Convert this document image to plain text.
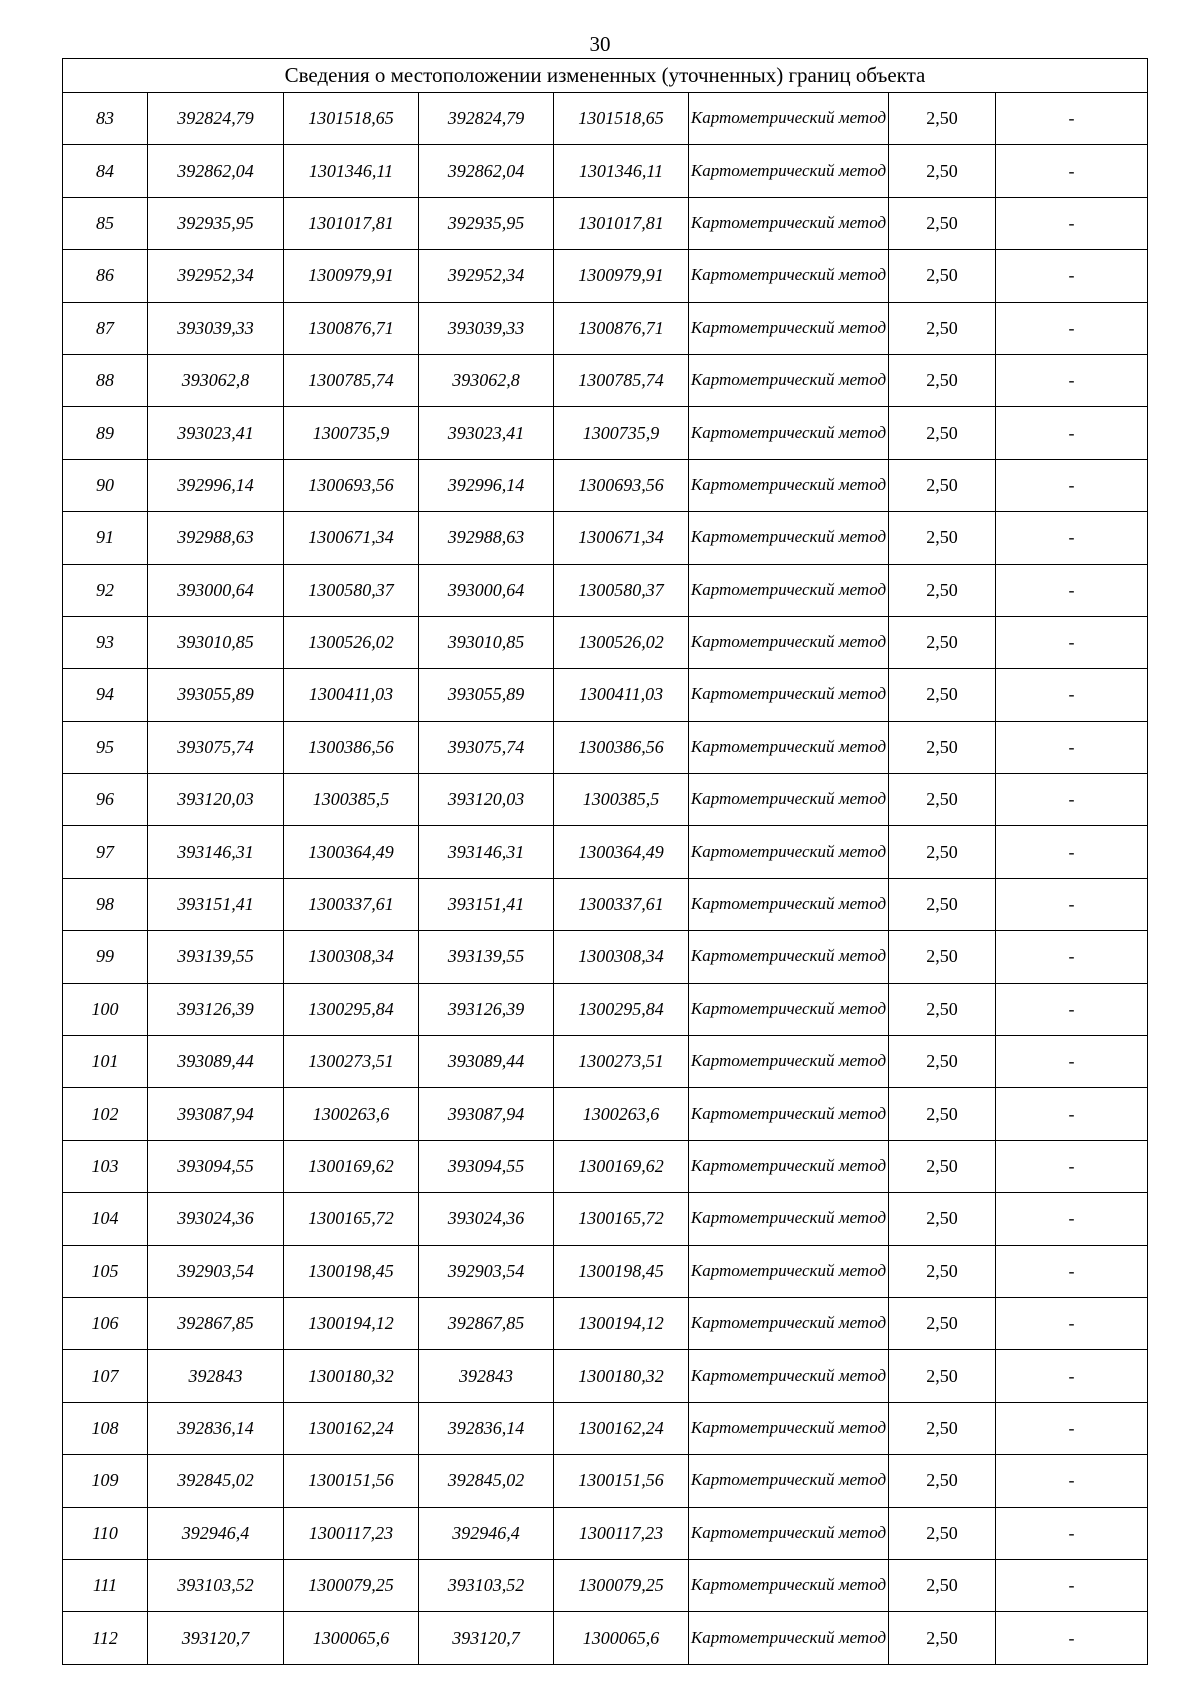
30
Сведения о местоположении измененных (уточненных) границ объекта							
83	392824,79	1301518,65	392824,79	1301518,65	Картометрический метод	2,50	-
84	392862,04	1301346,11	392862,04	1301346,11	Картометрический метод	2,50	-
85	392935,95	1301017,81	392935,95	1301017,81	Картометрический метод	2,50	-
86	392952,34	1300979,91	392952,34	1300979,91	Картометрический метод	2,50	-
87	393039,33	1300876,71	393039,33	1300876,71	Картометрический метод	2,50	-
88	393062,8	1300785,74	393062,8	1300785,74	Картометрический метод	2,50	-
89	393023,41	1300735,9	393023,41	1300735,9	Картометрический метод	2,50	-
90	392996,14	1300693,56	392996,14	1300693,56	Картометрический метод	2,50	-
91	392988,63	1300671,34	392988,63	1300671,34	Картометрический метод	2,50	-
92	393000,64	1300580,37	393000,64	1300580,37	Картометрический метод	2,50	-
93	393010,85	1300526,02	393010,85	1300526,02	Картометрический метод	2,50	-
94	393055,89	1300411,03	393055,89	1300411,03	Картометрический метод	2,50	-
95	393075,74	1300386,56	393075,74	1300386,56	Картометрический метод	2,50	-
96	393120,03	1300385,5	393120,03	1300385,5	Картометрический метод	2,50	-
97	393146,31	1300364,49	393146,31	1300364,49	Картометрический метод	2,50	-
98	393151,41	1300337,61	393151,41	1300337,61	Картометрический метод	2,50	-
99	393139,55	1300308,34	393139,55	1300308,34	Картометрический метод	2,50	-
100	393126,39	1300295,84	393126,39	1300295,84	Картометрический метод	2,50	-
101	393089,44	1300273,51	393089,44	1300273,51	Картометрический метод	2,50	-
102	393087,94	1300263,6	393087,94	1300263,6	Картометрический метод	2,50	-
103	393094,55	1300169,62	393094,55	1300169,62	Картометрический метод	2,50	-
104	393024,36	1300165,72	393024,36	1300165,72	Картометрический метод	2,50	-
105	392903,54	1300198,45	392903,54	1300198,45	Картометрический метод	2,50	-
106	392867,85	1300194,12	392867,85	1300194,12	Картометрический метод	2,50	-
107	392843	1300180,32	392843	1300180,32	Картометрический метод	2,50	-
108	392836,14	1300162,24	392836,14	1300162,24	Картометрический метод	2,50	-
109	392845,02	1300151,56	392845,02	1300151,56	Картометрический метод	2,50	-
110	392946,4	1300117,23	392946,4	1300117,23	Картометрический метод	2,50	-
111	393103,52	1300079,25	393103,52	1300079,25	Картометрический метод	2,50	-
112	393120,7	1300065,6	393120,7	1300065,6	Картометрический метод	2,50	-
